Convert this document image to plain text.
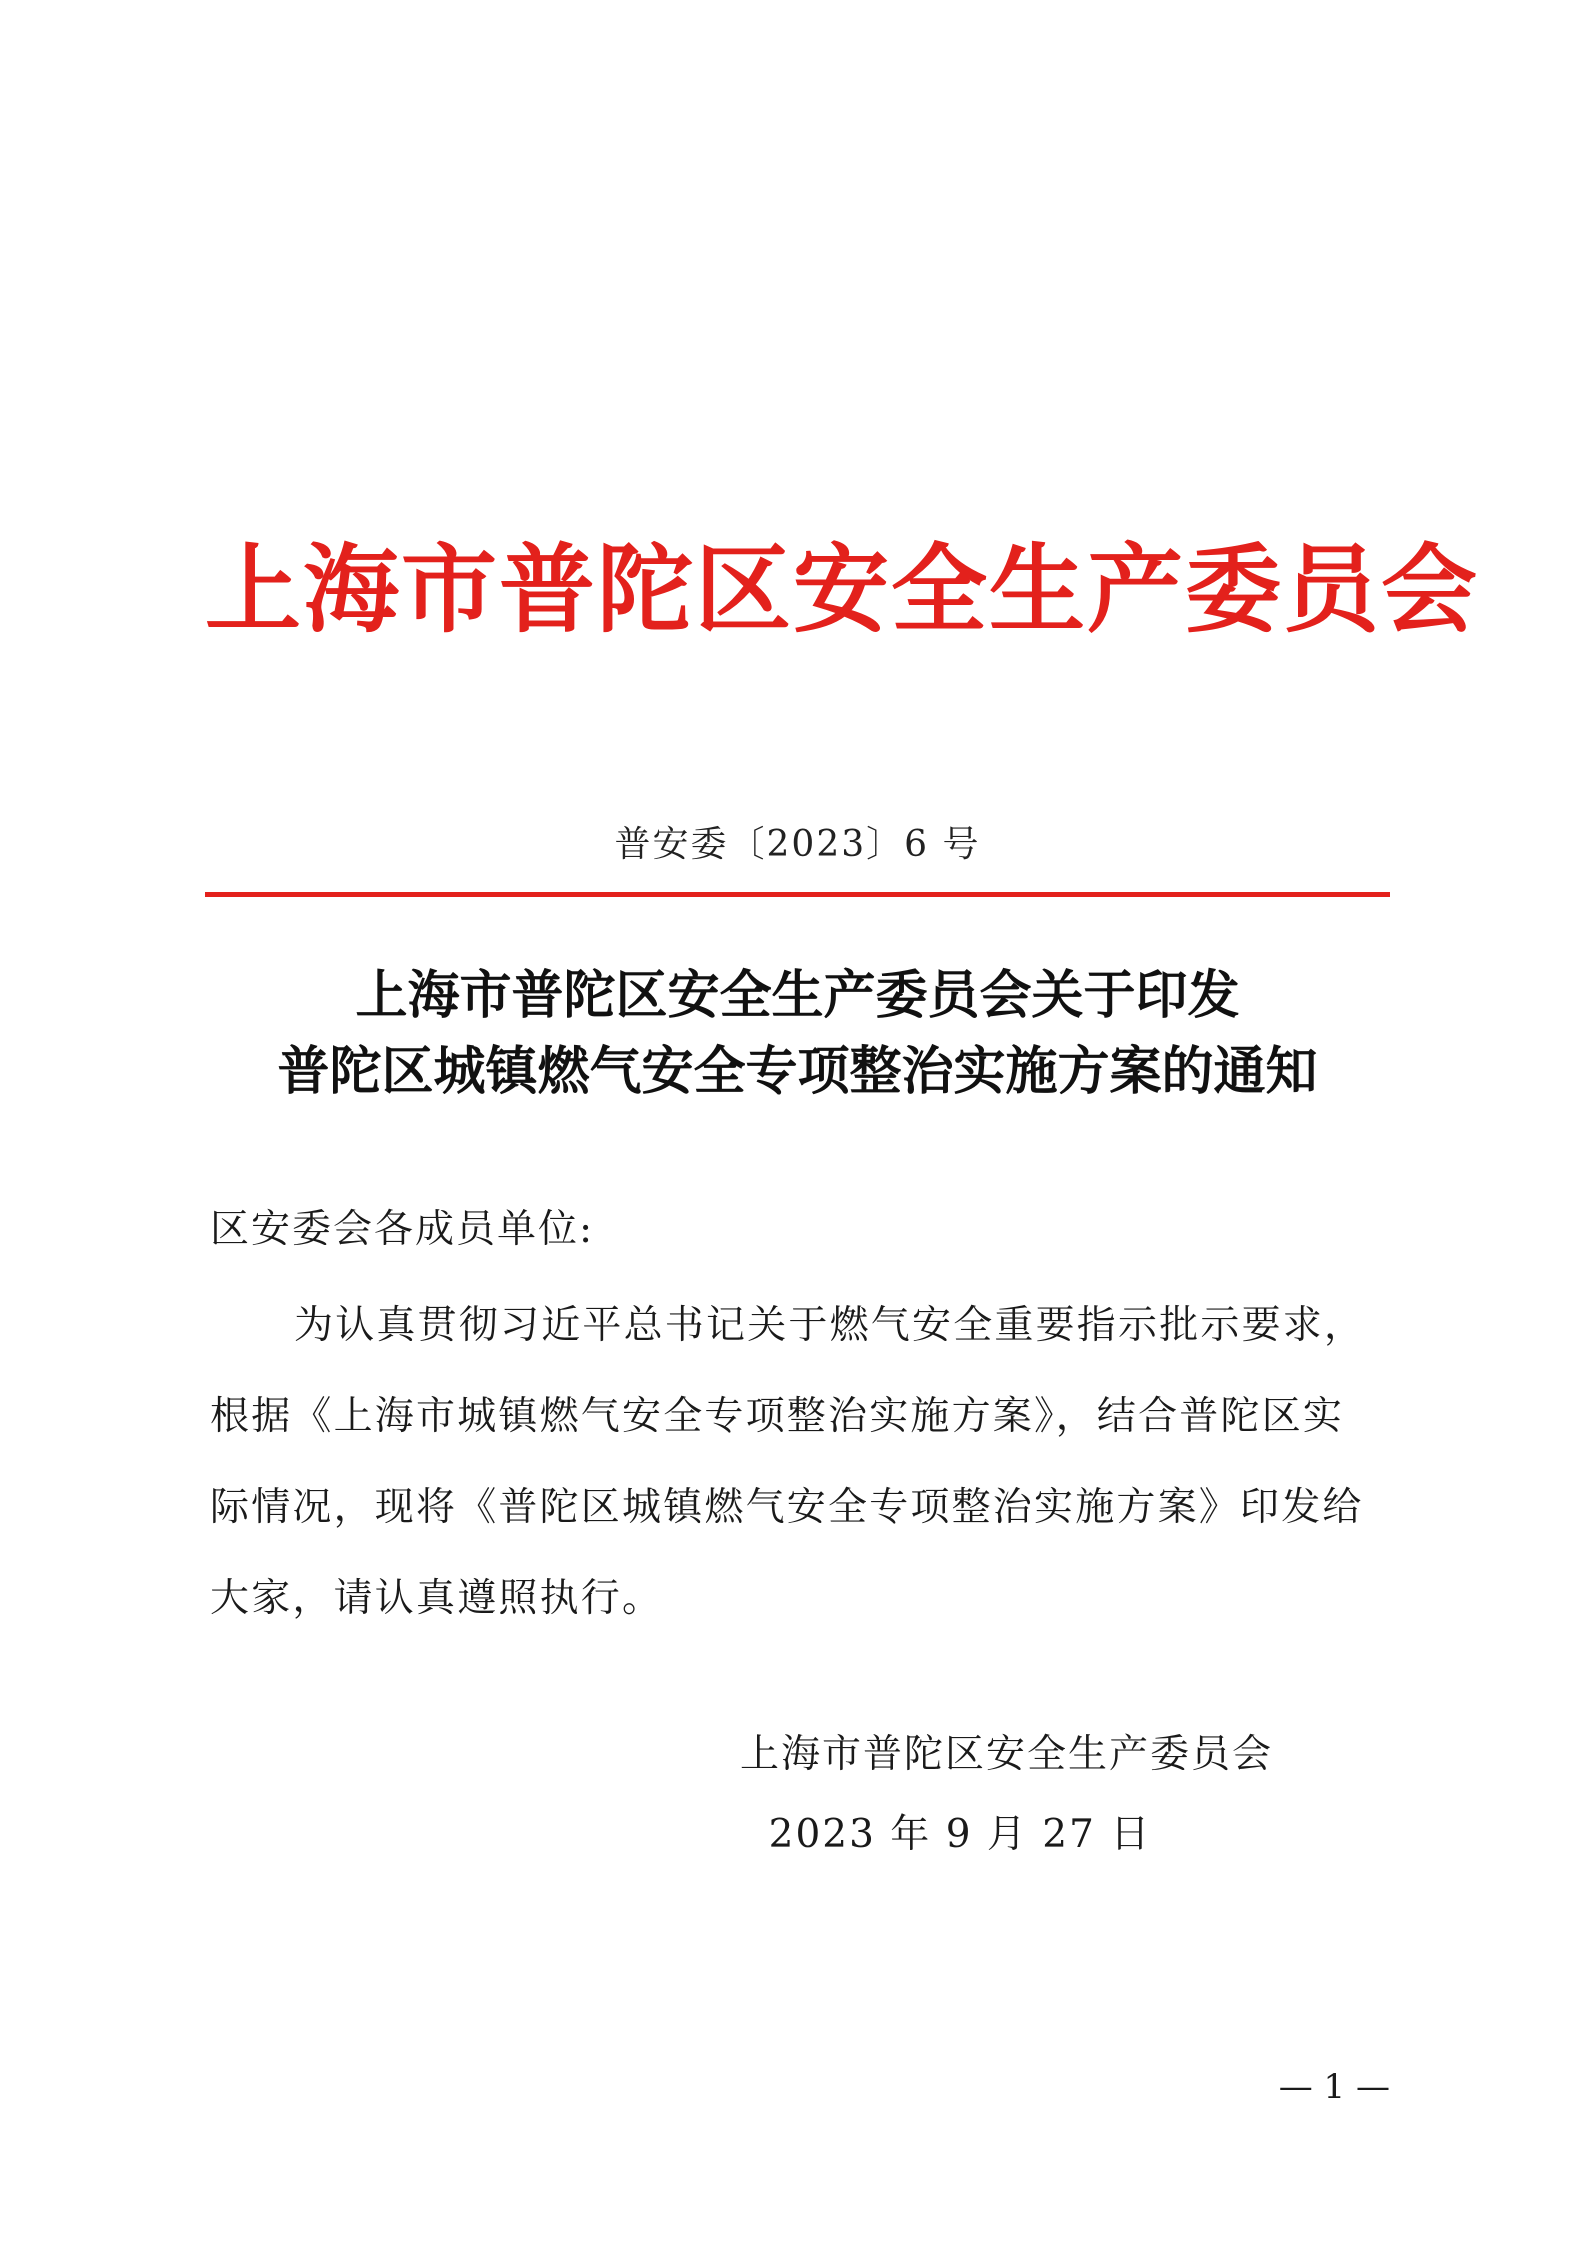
上海市普陀区安全生产委员会
普安委〔2023〕6 号
上海市普陀区安全生产委员会关于印发
普陀区城镇燃气安全专项整治实施方案的通知
区安委会各成员单位:
为认真贯彻习近平总书记关于燃气安全重要指示批示要求，
根据《上海市城镇燃气安全专项整治实施方案》，结合普陀区实
际情况，现将《普陀区城镇燃气安全专项整治实施方案》印发给
大家，请认真遵照执行。
上海市普陀区安全生产委员会
2023 年 9 月 27 日
— 1 —
